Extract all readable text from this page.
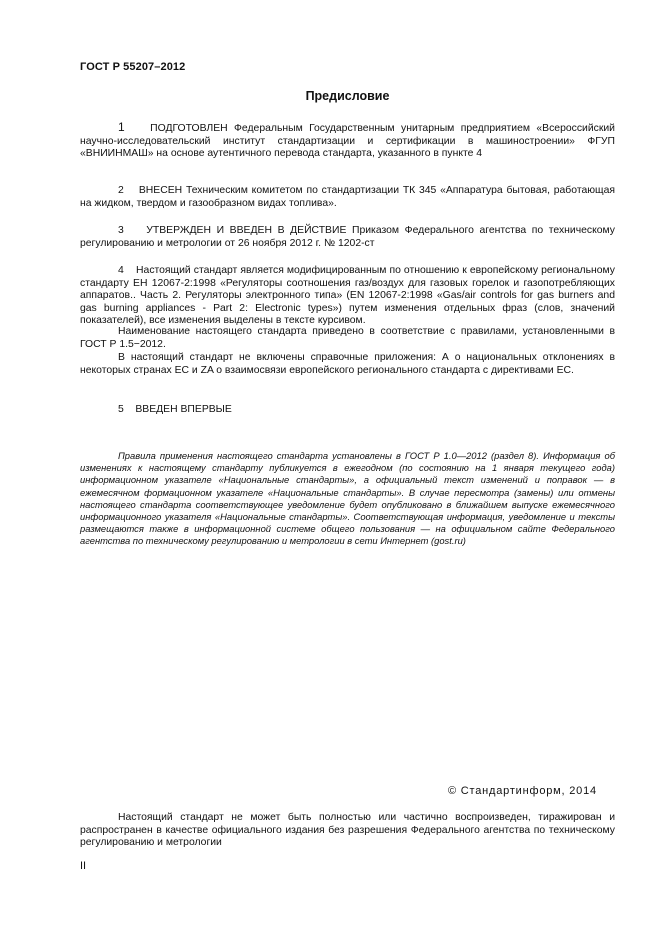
ГОСТ Р 55207–2012
Предисловие
1 ПОДГОТОВЛЕН Федеральным Государственным унитарным предприятием «Всероссийский научно-исследовательский институт стандартизации и сертификации в машиностроении» ФГУП «ВНИИНМАШ» на основе аутентичного перевода стандарта, указанного в пункте 4
2 ВНЕСЕН Техническим комитетом по стандартизации ТК 345 «Аппаратура бытовая, работающая на жидком, твердом и газообразном видах топлива».
3 УТВЕРЖДЕН И ВВЕДЕН В ДЕЙСТВИЕ Приказом Федерального агентства по техническому регулированию и метрологии от 26 ноября 2012 г. № 1202-ст
4 Настоящий стандарт является модифицированным по отношению к европейскому региональному стандарту ЕН 12067-2:1998 «Регуляторы соотношения газ/воздух для газовых горелок и газопотребляющих аппаратов.. Часть 2. Регуляторы электронного типа» (EN 12067-2:1998 «Gas/air controls for gas burners and gas burning appliances - Part 2: Electronic types») путем изменения отдельных фраз (слов, значений показателей), все изменения выделены в тексте курсивом.
Наименование настоящего стандарта приведено в соответствие с правилами, установленными в ГОСТ Р 1.5−2012.
В настоящий стандарт не включены справочные приложения: А о национальных отклонениях в некоторых странах ЕС и ZA о взаимосвязи европейского регионального стандарта с директивами ЕС.
5 ВВЕДЕН ВПЕРВЫЕ
Правила применения настоящего стандарта установлены в ГОСТ Р 1.0—2012 (раздел 8). Информация об изменениях к настоящему стандарту публикуется в ежегодном (по состоянию на 1 января текущего года) информационном указателе «Национальные стандарты», а официальный текст изменений и поправок — в ежемесячном формационном указателе «Национальные стандарты». В случае пересмотра (замены) или отмены настоящего стандарта соответствующее уведомление будет опубликовано в ближайшем выпуске ежемесячного информационного указателя «Национальные стандарты». Соответствующая информация, уведомление и тексты размещаются также в информационной системе общего пользования — на официальном сайте Федерального агентства по техническому регулированию и метрологии в сети Интернет (gost.ru)
© Стандартинформ, 2014
Настоящий стандарт не может быть полностью или частично воспроизведен, тиражирован и распространен в качестве официального издания без разрешения Федерального агентства по техническому регулированию и метрологии
II
